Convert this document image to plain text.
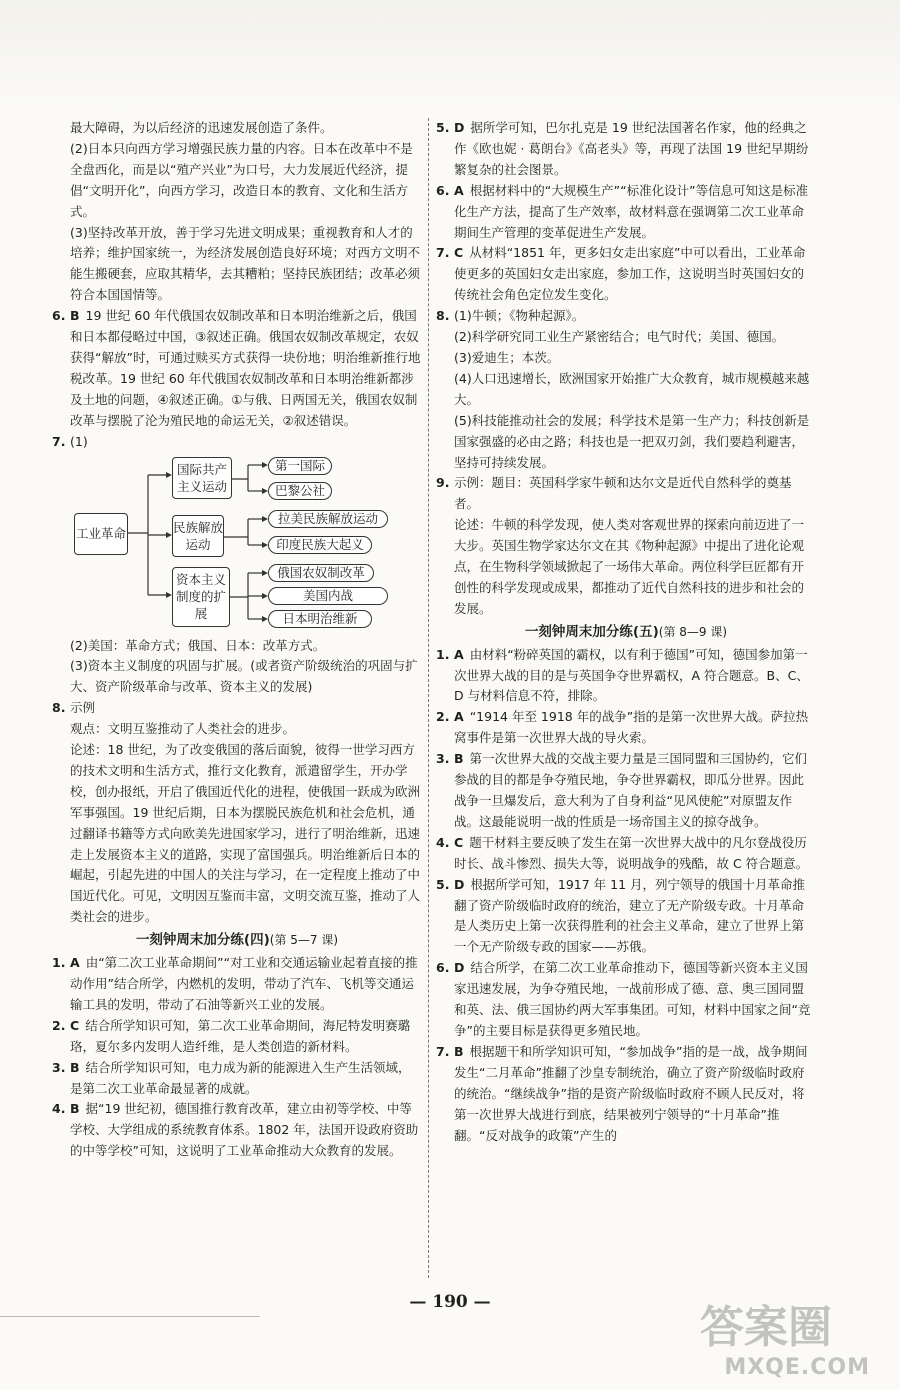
最大障碍，为以后经济的迅速发展创造了条件。

(2)日本只向西方学习增强民族力量的内容。日本在改革中不是全盘西化，而是以“殖产兴业”为口号，大力发展近代经济，提倡“文明开化”，向西方学习，改造日本的教育、文化和生活方式。

(3)坚持改革开放，善于学习先进文明成果；重视教育和人才的培养；维护国家统一，为经济发展创造良好环境；对西方文明不能生搬硬套，应取其精华，去其糟粕；坚持民族团结；改革必须符合本国国情等。

6. B 19 世纪 60 年代俄国农奴制改革和日本明治维新之后，俄国和日本都侵略过中国，③叙述正确。俄国农奴制改革规定，农奴获得“解放”时，可通过赎买方式获得一块份地；明治维新推行地税改革。19 世纪 60 年代俄国农奴制改革和日本明治维新都涉及土地的问题，④叙述正确。①与俄、日两国无关，俄国农奴制改革与摆脱了沦为殖民地的命运无关，②叙述错误。
7. (1)
工业革命
国际共产主义运动
民族解放运动
资本主义制度的扩展
第一国际
巴黎公社
拉美民族解放运动
印度民族大起义
俄国农奴制改革
美国内战
日本明治维新

(2)美国：革命方式；俄国、日本：改革方式。

(3)资本主义制度的巩固与扩展。(或者资产阶级统治的巩固与扩大、资产阶级革命与改革、资本主义的发展)

8. 示例

观点：文明互鉴推动了人类社会的进步。

论述：18 世纪，为了改变俄国的落后面貌，彼得一世学习西方的技术文明和生活方式，推行文化教育，派遣留学生，开办学校，创办报纸，开启了俄国近代化的进程，使俄国一跃成为欧洲军事强国。19 世纪后期，日本为摆脱民族危机和社会危机，通过翻译书籍等方式向欧美先进国家学习，进行了明治维新，迅速走上发展资本主义的道路，实现了富国强兵。明治维新后日本的崛起，引起先进的中国人的关注与学习，在一定程度上推动了中国近代化。可见，文明因互鉴而丰富，文明交流互鉴，推动了人类社会的进步。

一刻钟周末加分练(四)(第 5—7 课)
1. A 由“第二次工业革命期间”“对工业和交通运输业起着直接的推动作用”结合所学，内燃机的发明，带动了汽车、飞机等交通运输工具的发明，带动了石油等新兴工业的发展。
2. C 结合所学知识可知，第二次工业革命期间，海尼特发明赛璐珞，夏尔多内发明人造纤维，是人类创造的新材料。
3. B 结合所学知识可知，电力成为新的能源进入生产生活领域，是第二次工业革命最显著的成就。
4. B 据“19 世纪初，德国推行教育改革，建立由初等学校、中等学校、大学组成的系统教育体系。1802 年，法国开设政府资助的中等学校”可知，这说明了工业革命推动大众教育的发展。
5. D 据所学可知，巴尔扎克是 19 世纪法国著名作家，他的经典之作《欧也妮 · 葛朗台》《高老头》等，再现了法国 19 世纪早期纷繁复杂的社会图景。
6. A 根据材料中的“大规模生产”“标准化设计”等信息可知这是标准化生产方法，提高了生产效率，故材料意在强调第二次工业革命期间生产管理的变革促进生产发展。
7. C 从材料“1851 年，更多妇女走出家庭”中可以看出，工业革命使更多的英国妇女走出家庭，参加工作，这说明当时英国妇女的传统社会角色定位发生变化。
8. (1)牛顿；《物种起源》。

(2)科学研究同工业生产紧密结合；电气时代；美国、德国。

(3)爱迪生；本茨。

(4)人口迅速增长，欧洲国家开始推广大众教育，城市规模越来越大。

(5)科技能推动社会的发展；科学技术是第一生产力；科技创新是国家强盛的必由之路；科技也是一把双刃剑，我们要趋利避害，坚持可持续发展。

9. 示例：题目：英国科学家牛顿和达尔文是近代自然科学的奠基者。

论述：牛顿的科学发现，使人类对客观世界的探索向前迈进了一大步。英国生物学家达尔文在其《物种起源》中提出了进化论观点，在生物科学领域掀起了一场伟大革命。两位科学巨匠都有开创性的科学发现或成果，都推动了近代自然科技的进步和社会的发展。

一刻钟周末加分练(五)(第 8—9 课)
1. A 由材料“粉碎英国的霸权，以有利于德国”可知，德国参加第一次世界大战的目的是与英国争夺世界霸权，A 符合题意。B、C、D 与材料信息不符，排除。
2. A “1914 年至 1918 年的战争”指的是第一次世界大战。萨拉热窝事件是第一次世界大战的导火索。
3. B 第一次世界大战的交战主要力量是三国同盟和三国协约，它们参战的目的都是争夺殖民地，争夺世界霸权，即瓜分世界。因此战争一旦爆发后，意大利为了自身利益“见风使舵”对原盟友作战。这最能说明一战的性质是一场帝国主义的掠夺战争。
4. C 题干材料主要反映了发生在第一次世界大战中的凡尔登战役历时长、战斗惨烈、损失大等，说明战争的残酷，故 C 符合题意。
5. D 根据所学可知，1917 年 11 月，列宁领导的俄国十月革命推翻了资产阶级临时政府的统治，建立了无产阶级专政。十月革命是人类历史上第一次获得胜利的社会主义革命，建立了世界上第一个无产阶级专政的国家——苏俄。
6. D 结合所学，在第二次工业革命推动下，德国等新兴资本主义国家迅速发展，为争夺殖民地，一战前形成了德、意、奥三国同盟和英、法、俄三国协约两大军事集团。可知，材料中国家之间“竞争”的主要目标是获得更多殖民地。
7. B 根据题干和所学知识可知，“参加战争”指的是一战，战争期间发生“二月革命”推翻了沙皇专制统治，确立了资产阶级临时政府的统治。“继续战争”指的是资产阶级临时政府不顾人民反对，将第一次世界大战进行到底，结果被列宁领导的“十月革命”推翻。“反对战争的政策”产生的
— 190 —	答案圈
MXQE.COM
